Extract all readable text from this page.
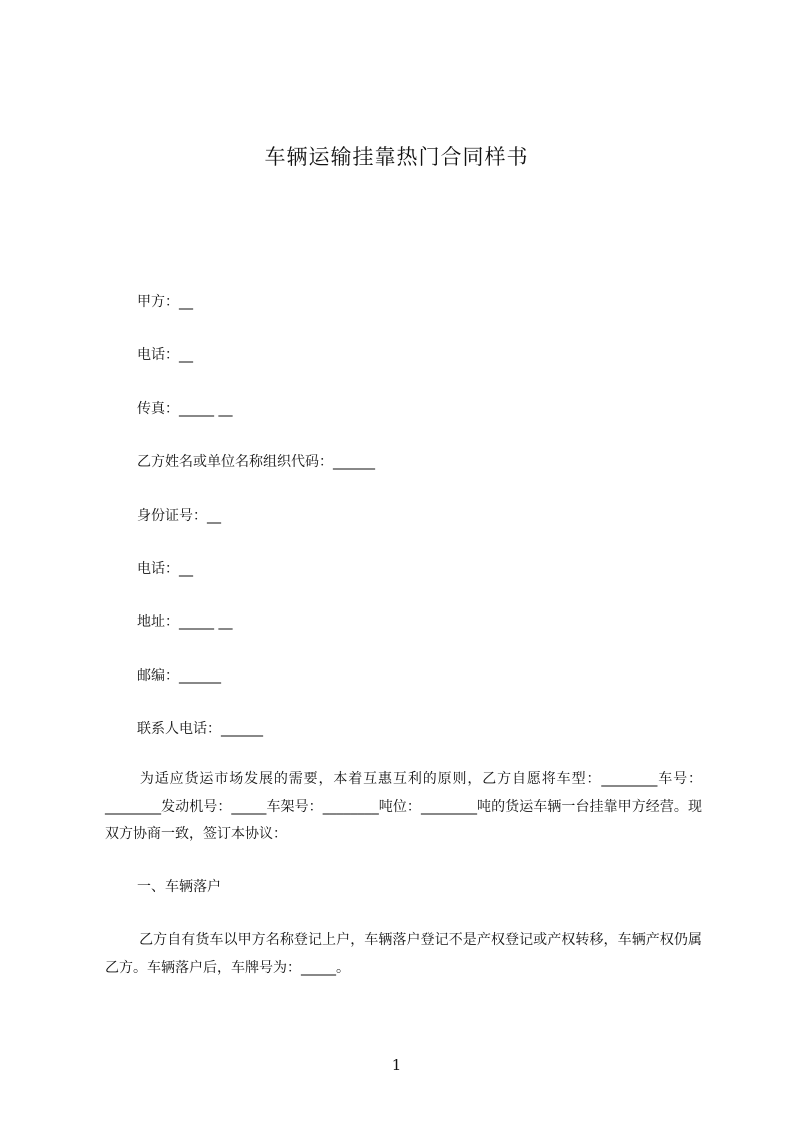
车辆运输挂靠热门合同样书
甲方：__
电话：__
传真：_____ __
乙方姓名或单位名称组织代码：______
身份证号：__
电话：__
地址：_____ __
邮编：______
联系人电话：______

为适应货运市场发展的需要，本着互惠互利的原则，乙方自愿将车型：________车号：________发动机号：_____车架号：________吨位：________吨的货运车辆一台挂靠甲方经营。现双方协商一致，签订本协议：

一、车辆落户

乙方自有货车以甲方名称登记上户，车辆落户登记不是产权登记或产权转移，车辆产权仍属乙方。车辆落户后，车牌号为：_____。

1
